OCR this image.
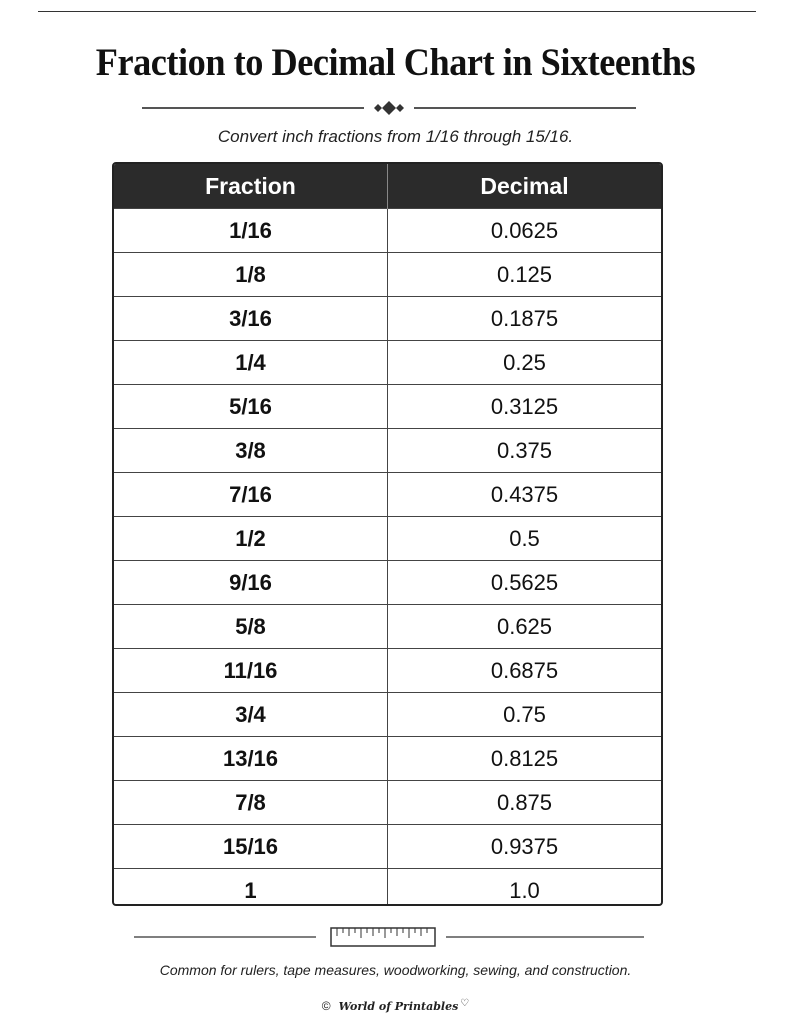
Fraction to Decimal Chart in Sixteenths
Convert inch fractions from 1/16 through 15/16.
Fraction	Decimal
1/16	0.0625
1/8	0.125
3/16	0.1875
1/4	0.25
5/16	0.3125
3/8	0.375
7/16	0.4375
1/2	0.5
9/16	0.5625
5/8	0.625
11/16	0.6875
3/4	0.75
13/16	0.8125
7/8	0.875
15/16	0.9375
1	1.0
Common for rulers, tape measures, woodworking, sewing, and construction.
© World of Printables ♡
